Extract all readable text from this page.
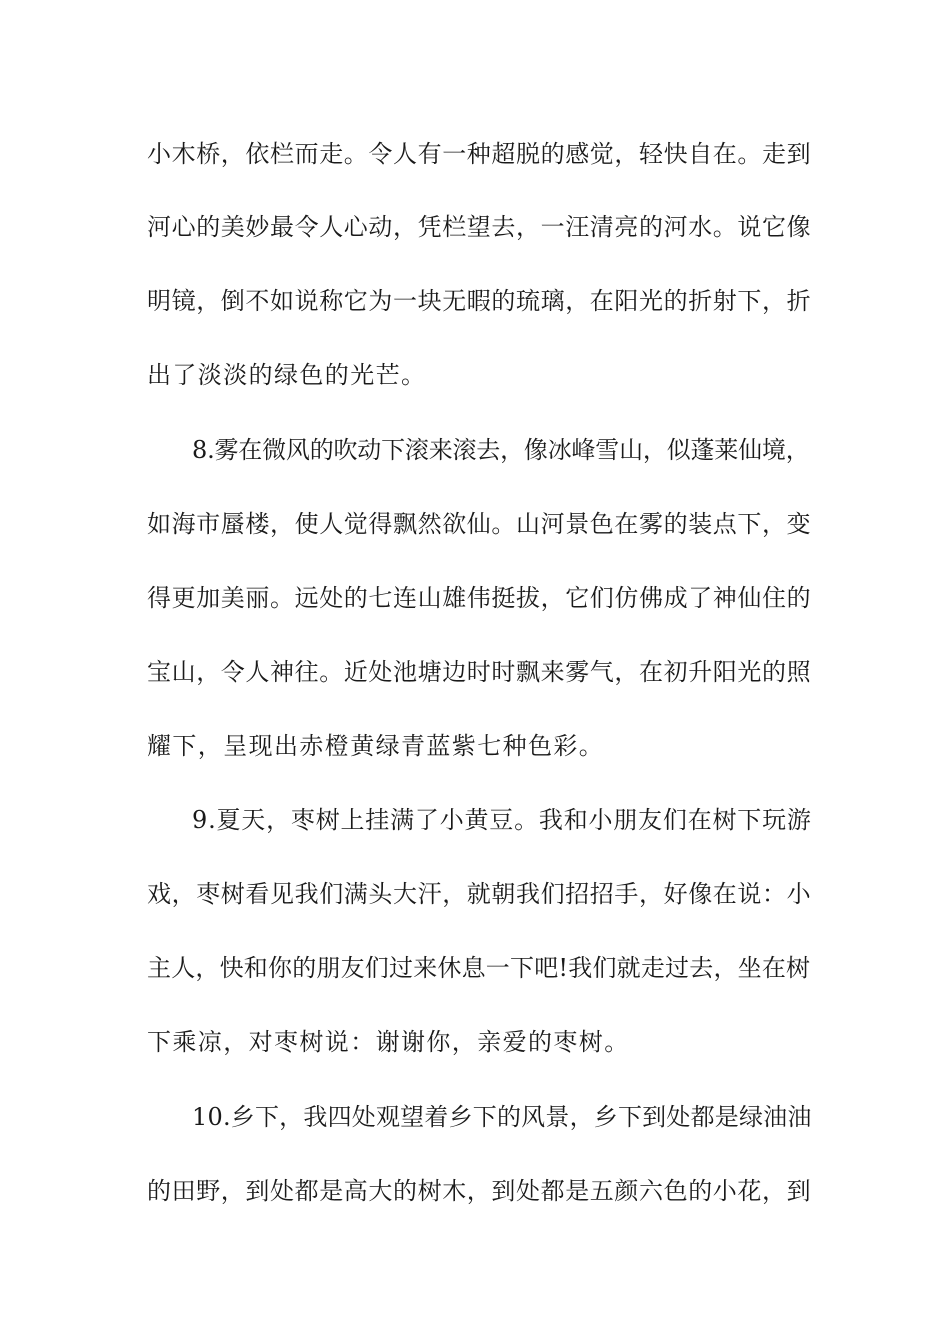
小木桥，依栏而走。令人有一种超脱的感觉，轻快自在。走到

河心的美妙最令人心动，凭栏望去，一汪清亮的河水。说它像

明镜，倒不如说称它为一块无暇的琉璃，在阳光的折射下，折

出了淡淡的绿色的光芒。

8.雾在微风的吹动下滚来滚去，像冰峰雪山，似蓬莱仙境，

如海市蜃楼，使人觉得飘然欲仙。山河景色在雾的装点下，变

得更加美丽。远处的七连山雄伟挺拔，它们仿佛成了神仙住的

宝山，令人神往。近处池塘边时时飘来雾气，在初升阳光的照

耀下，呈现出赤橙黄绿青蓝紫七种色彩。

9.夏天，枣树上挂满了小黄豆。我和小朋友们在树下玩游

戏，枣树看见我们满头大汗，就朝我们招招手，好像在说：小

主人，快和你的朋友们过来休息一下吧!我们就走过去，坐在树

下乘凉，对枣树说：谢谢你，亲爱的枣树。

10.乡下，我四处观望着乡下的风景，乡下到处都是绿油油

的田野，到处都是高大的树木，到处都是五颜六色的小花，到
